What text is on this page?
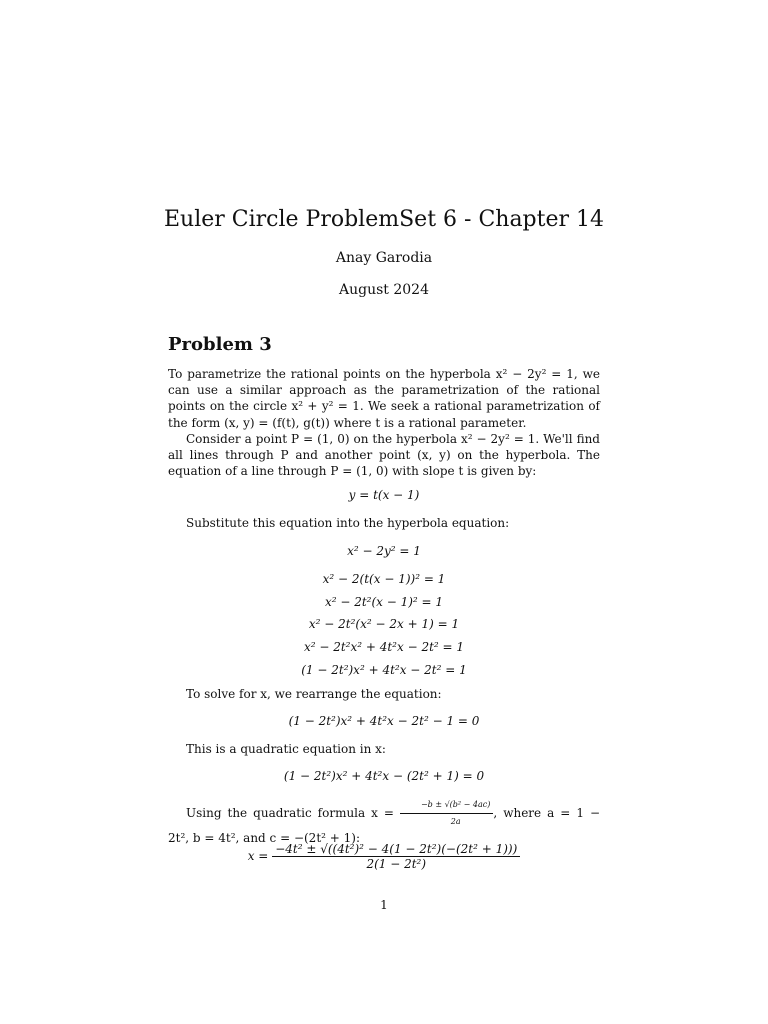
Euler Circle ProblemSet 6 - Chapter 14
Anay Garodia
August 2024
Problem 3

To parametrize the rational points on the hyperbola x² − 2y² = 1, we can use a similar approach as the parametrization of the rational points on the circle x² + y² = 1. We seek a rational parametrization of the form (x, y) = (f(t), g(t)) where t is a rational parameter.

Consider a point P = (1, 0) on the hyperbola x² − 2y² = 1. We'll find all lines through P and another point (x, y) on the hyperbola. The equation of a line through P = (1, 0) with slope t is given by:

y = t(x − 1)

Substitute this equation into the hyperbola equation:

x² − 2y² = 1
x² − 2(t(x − 1))² = 1
x² − 2t²(x − 1)² = 1
x² − 2t²(x² − 2x + 1) = 1
x² − 2t²x² + 4t²x − 2t² = 1
(1 − 2t²)x² + 4t²x − 2t² = 1

To solve for x, we rearrange the equation:

(1 − 2t²)x² + 4t²x − 2t² − 1 = 0

This is a quadratic equation in x:

(1 − 2t²)x² + 4t²x − (2t² + 1) = 0

Using the quadratic formula $x = \frac{\text{−b ± √(b² − 4ac)}}{2a}$ , where a = 1 − 2t², b = 4t², and c = −(2t² + 1):

$x = \frac{\text{−4t² ± √((4t²)² − 4(1 − 2t²)(−(2t² + 1)))}}{\text{2(1 − 2t²)}}$
1
